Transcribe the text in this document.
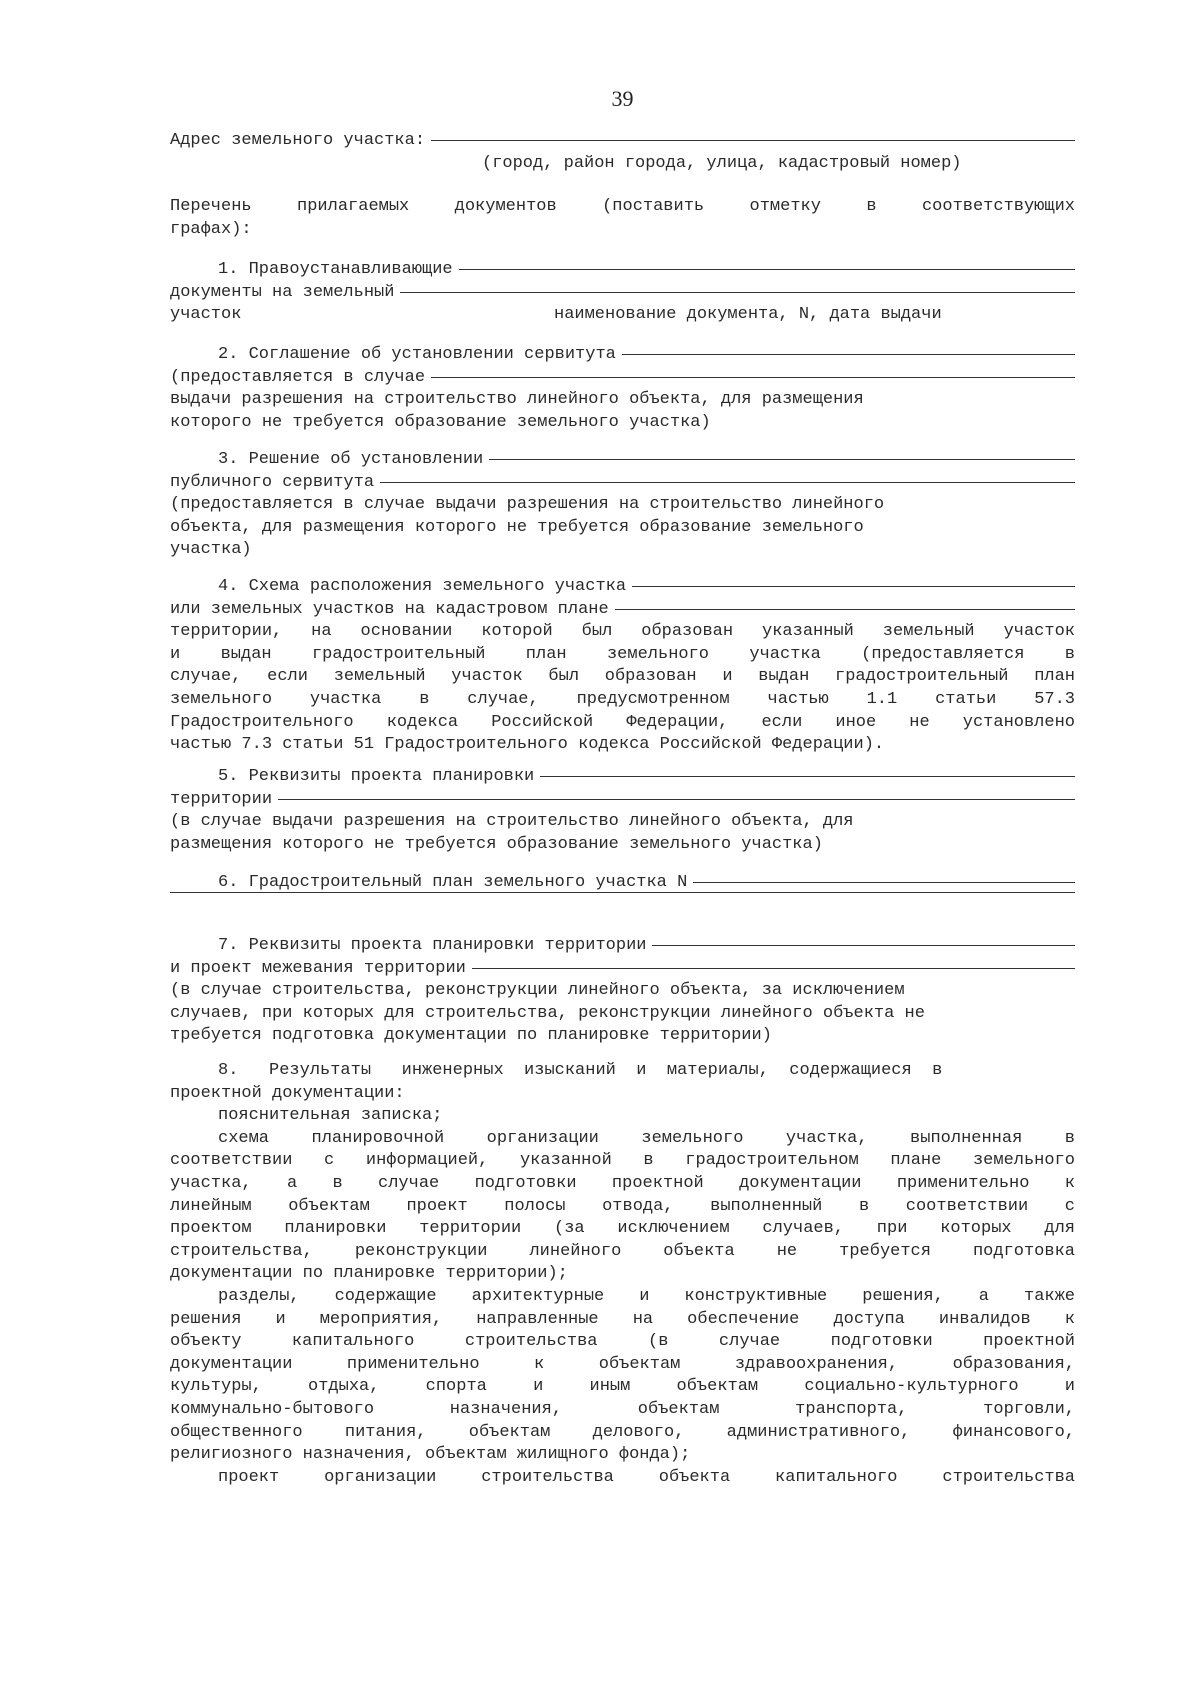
39
Адрес земельного участка:

(город, район города, улица, кадастровый номер)

Перечень	прилагаемых	документов	(поставить	отметку	в	соответствующих
графах):
1. Правоустанавливающие
документы на земельный

участок

	наименование документа, N, дата выдачи

2. Соглашение об установлении сервитута
(предоставляется в случае
выдачи разрешения на строительство линейного объекта, для размещения
которого не требуется образование земельного участка)
3. Решение об установлении
публичного сервитута
(предоставляется в случае выдачи разрешения на строительство линейного
объекта, для размещения которого не требуется образование земельного
участка)
4. Схема расположения земельного участка
или земельных участков на кадастровом плане
территории, на основании которой был образован указанный земельный участок
и выдан градостроительный план земельного участка (предоставляется в
случае, если земельный участок был образован и выдан градостроительный план
земельного участка в случае, предусмотренном частью 1.1 статьи 57.3
Градостроительного кодекса Российской Федерации, если иное не установлено
частью 7.3 статьи 51 Градостроительного кодекса Российской Федерации).
5. Реквизиты проекта планировки
территории
(в случае выдачи разрешения на строительство линейного объекта, для
размещения которого не требуется образование земельного участка)
6. Градостроительный план земельного участка N
7. Реквизиты проекта планировки территории
и проект межевания территории
(в случае строительства, реконструкции линейного объекта, за исключением
случаев, при которых для строительства, реконструкции линейного объекта не
требуется подготовка документации по планировке территории)
8.   Результаты   инженерных  изысканий  и  материалы,  содержащиеся  в
проектной документации:
пояснительная записка;
схема планировочной организации земельного участка, выполненная в
соответствии с информацией, указанной в градостроительном плане земельного
участка, а в случае подготовки проектной документации применительно к
линейным объектам проект полосы отвода, выполненный в соответствии с
проектом планировки территории (за исключением случаев, при которых для
строительства, реконструкции линейного объекта не требуется подготовка
документации по планировке территории);
разделы, содержащие архитектурные и конструктивные решения, а также
решения и мероприятия, направленные на обеспечение доступа инвалидов к
объекту капитального строительства (в случае подготовки проектной
документации применительно к объектам здравоохранения, образования,
культуры, отдыха, спорта и иным объектам социально-культурного и
коммунально-бытового назначения, объектам транспорта, торговли,
общественного питания, объектам делового, административного, финансового,
религиозного назначения, объектам жилищного фонда);
проект организации строительства объекта капитального строительства
